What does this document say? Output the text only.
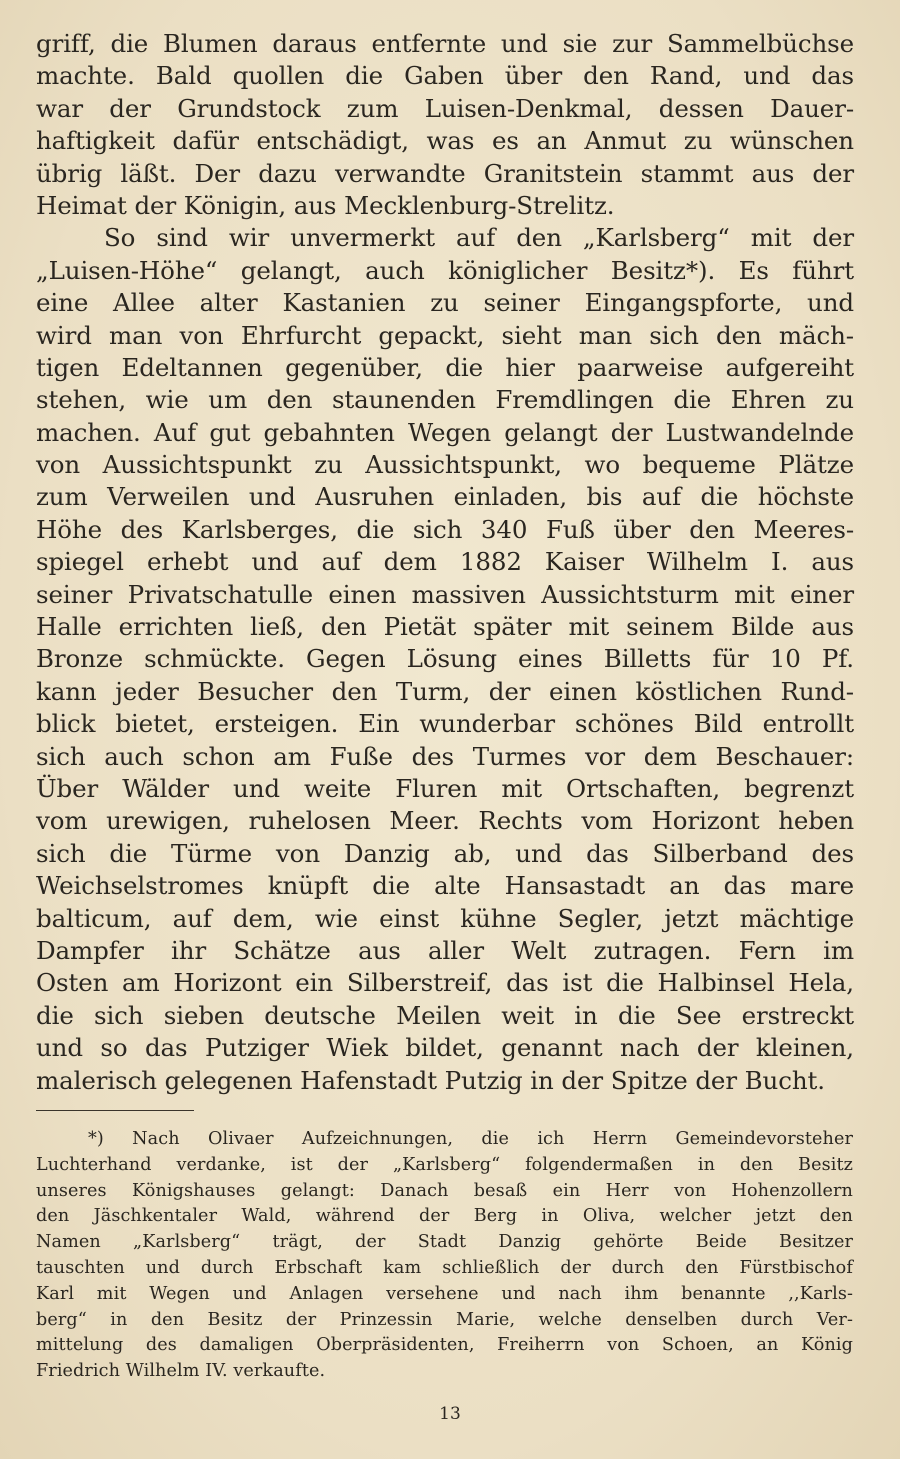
griff, die Blumen daraus entfernte und sie zur Sammelbüchse
machte. Bald quollen die Gaben über den Rand, und das
war der Grundstock zum Luisen-Denkmal, dessen Dauer-
haftigkeit dafür entschädigt, was es an Anmut zu wünschen
übrig läßt. Der dazu verwandte Granitstein stammt aus der
Heimat der Königin, aus Mecklenburg-Strelitz.
So sind wir unvermerkt auf den „Karlsberg“ mit der
„Luisen-Höhe“ gelangt, auch königlicher Besitz*). Es führt
eine Allee alter Kastanien zu seiner Eingangspforte, und
wird man von Ehrfurcht gepackt, sieht man sich den mäch-
tigen Edeltannen gegenüber, die hier paarweise aufgereiht
stehen, wie um den staunenden Fremdlingen die Ehren zu
machen. Auf gut gebahnten Wegen gelangt der Lustwandelnde
von Aussichtspunkt zu Aussichtspunkt, wo bequeme Plätze
zum Verweilen und Ausruhen einladen, bis auf die höchste
Höhe des Karlsberges, die sich 340 Fuß über den Meeres-
spiegel erhebt und auf dem 1882 Kaiser Wilhelm I. aus
seiner Privatschatulle einen massiven Aussichtsturm mit einer
Halle errichten ließ, den Pietät später mit seinem Bilde aus
Bronze schmückte. Gegen Lösung eines Billetts für 10 Pf.
kann jeder Besucher den Turm, der einen köstlichen Rund-
blick bietet, ersteigen. Ein wunderbar schönes Bild entrollt
sich auch schon am Fuße des Turmes vor dem Beschauer:
Über Wälder und weite Fluren mit Ortschaften, begrenzt
vom urewigen, ruhelosen Meer. Rechts vom Horizont heben
sich die Türme von Danzig ab, und das Silberband des
Weichselstromes knüpft die alte Hansastadt an das mare
balticum, auf dem, wie einst kühne Segler, jetzt mächtige
Dampfer ihr Schätze aus aller Welt zutragen. Fern im
Osten am Horizont ein Silberstreif, das ist die Halbinsel Hela,
die sich sieben deutsche Meilen weit in die See erstreckt
und so das Putziger Wiek bildet, genannt nach der kleinen,
malerisch gelegenen Hafenstadt Putzig in der Spitze der Bucht.
*) Nach Olivaer Aufzeichnungen, die ich Herrn Gemeindevorsteher
Luchterhand verdanke, ist der „Karlsberg“ folgendermaßen in den Besitz
unseres Königshauses gelangt: Danach besaß ein Herr von Hohenzollern
den Jäschkentaler Wald, während der Berg in Oliva, welcher jetzt den
Namen „Karlsberg“ trägt, der Stadt Danzig gehörte Beide Besitzer
tauschten und durch Erbschaft kam schließlich der durch den Fürstbischof
Karl mit Wegen und Anlagen versehene und nach ihm benannte ,,Karls-
berg“ in den Besitz der Prinzessin Marie, welche denselben durch Ver-
mittelung des damaligen Oberpräsidenten, Freiherrn von Schoen, an König
Friedrich Wilhelm IV. verkaufte.
13
